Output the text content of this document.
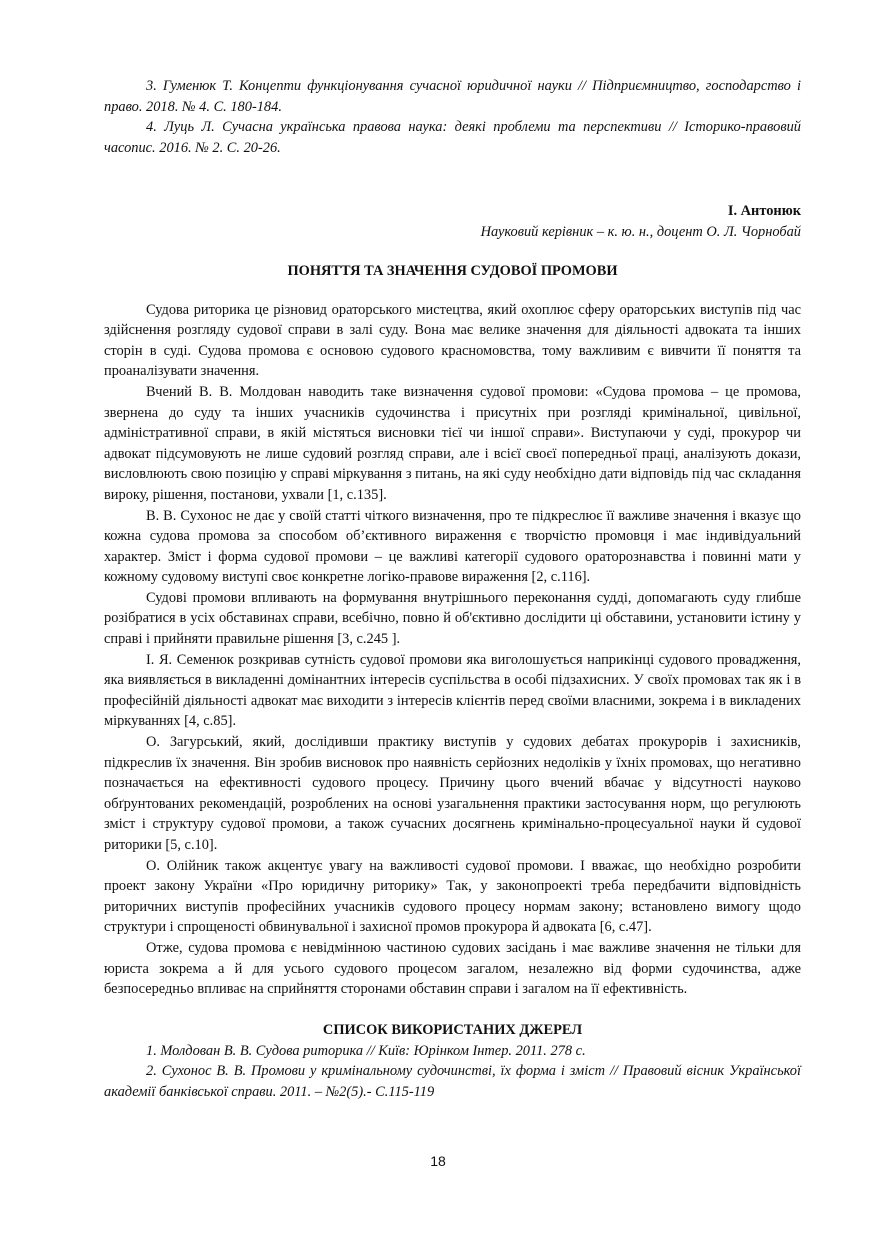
3. Гуменюк Т. Концепти функціонування сучасної юридичної науки // Підприємництво, господарство і право. 2018. № 4. С. 180-184.

4. Луць Л. Сучасна українська правова наука: деякі проблеми та перспективи // Історико-правовий часопис. 2016. № 2. С. 20-26.

І. Антонюк
Науковий керівник – к. ю. н., доцент О. Л. Чорнобай
ПОНЯТТЯ ТА ЗНАЧЕННЯ СУДОВОЇ ПРОМОВИ

Судова риторика це різновид ораторського мистецтва, який охоплює сферу ораторських виступів під час здійснення розгляду судової справи в залі суду. Вона має велике значення для діяльності адвоката та інших сторін в суді. Судова промова є основою судового красномовства, тому важливим є вивчити її поняття та проаналізувати значення.

Вчений В. В. Молдован наводить таке визначення судової промови: «Судова промова – це промова, звернена до суду та інших учасників судочинства і присутніх при розгляді кримінальної, цивільної, адміністративної справи, в якій містяться висновки тієї чи іншої справи». Виступаючи у суді, прокурор чи адвокат підсумовують не лише судовий розгляд справи, але і всієї своєї попередньої праці, аналізують докази, висловлюють свою позицію у справі міркування з питань, на які суду необхідно дати відповідь під час складання вироку, рішення, постанови, ухвали [1, с.135].

В. В. Сухонос не дає у своїй статті чіткого визначення, про те підкреслює її важливе значення і вказує що кожна судова промова за способом об’єктивного вираження є творчістю промовця і має індивідуальний характер. Зміст і форма судової промови – це важливі категорії судового ораторознавства і повинні мати у кожному судовому виступі своє конкретне логіко-правове вираження [2, с.116].

Судові промови впливають на формування внутрішнього переконання судді, допомагають суду глибше розібратися в усіх обставинах справи, всебічно, повно й об'єктивно дослідити ці обставини, установити істину у справі і прийняти правильне рішення [3, с.245 ].

І. Я. Семенюк розкривав сутність судової промови яка виголошується наприкінці судового провадження, яка виявляється в викладенні домінантних інтересів суспільства в особі підзахисних. У своїх промовах так як і в професійній діяльності адвокат має виходити з інтересів клієнтів перед своїми власними, зокрема і в викладених міркуваннях [4, с.85].

О. Загурський, який, дослідивши практику виступів у судових дебатах прокурорів і захисників, підкреслив їх значення. Він зробив висновок про наявність серйозних недоліків у їхніх промовах, що негативно позначається на ефективності судового процесу. Причину цього вчений вбачає у відсутності науково обґрунтованих рекомендацій, розроблених на основі узагальнення практики застосування норм, що регулюють зміст і структуру судової промови, а також сучасних досягнень кримінально-процесуальної науки й судової риторики [5, с.10].

О. Олійник також акцентує увагу на важливості судової промови. І вважає, що необхідно розробити проект закону України «Про юридичну риторику» Так, у законопроекті треба передбачити відповідність риторичних виступів професійних учасників судового процесу нормам закону; встановлено вимогу щодо структури і спрощеності обвинувальної і захисної промов прокурора й адвоката [6, с.47].

Отже, судова промова є невідмінною частиною судових засідань і має важливе значення не тільки для юриста зокрема а й для усього судового процесом загалом, незалежно від форми судочинства, адже безпосередньо впливає на сприйняття сторонами обставин справи і загалом на її ефективність.

СПИСОК ВИКОРИСТАНИХ ДЖЕРЕЛ

1. Молдован В. В. Судова риторика // Київ: Юрінком Інтер. 2011. 278 с.

2. Сухонос В. В. Промови у кримінальному судочинстві, їх форма і зміст // Правовий вісник Української академії банківської справи. 2011. – №2(5).- С.115-119

18
